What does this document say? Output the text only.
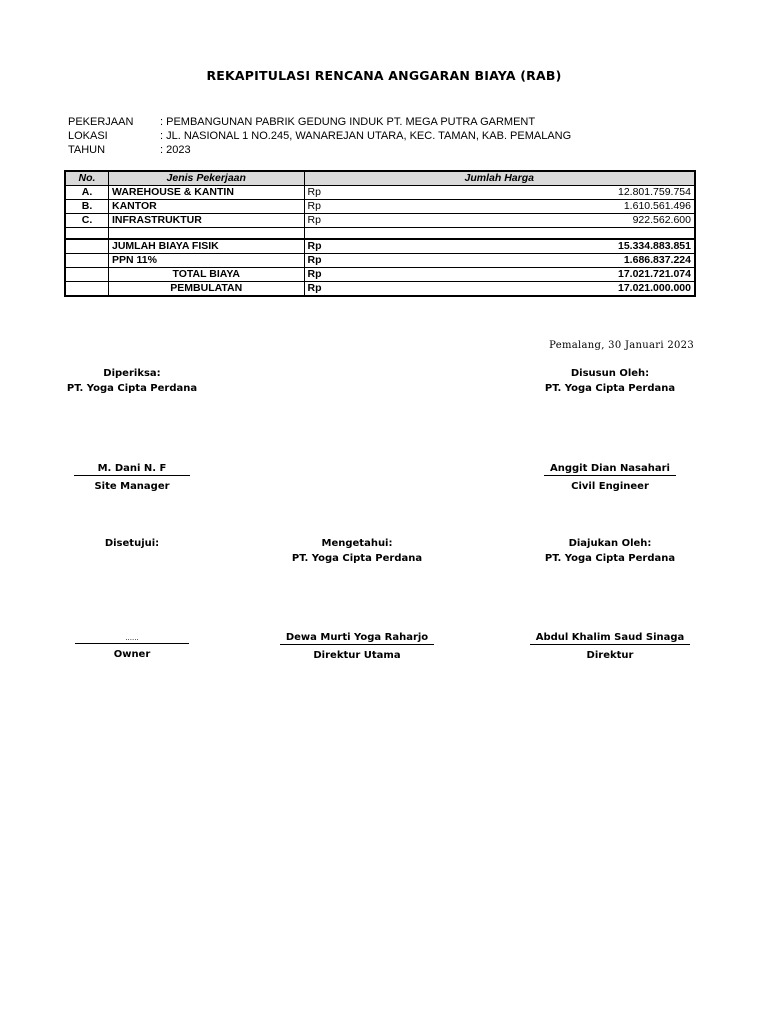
REKAPITULASI RENCANA ANGGARAN BIAYA (RAB)
PEKERJAAN : PEMBANGUNAN PABRIK GEDUNG INDUK PT. MEGA PUTRA GARMENT
LOKASI	: JL. NASIONAL 1 NO.245, WANAREJAN UTARA, KEC. TAMAN, KAB. PEMALANG
TAHUN	: 2023
No.	Jenis Pekerjaan	Jumlah Harga	
A.	WAREHOUSE & KANTIN	Rp	12.801.759.754
B.	KANTOR	Rp	1.610.561.496
C.	INFRASTRUKTUR	Rp	922.562.600

	JUMLAH BIAYA FISIK	Rp	15.334.883.851
	PPN 11%	Rp	1.686.837.224
	TOTAL BIAYA	Rp	17.021.721.074
	PEMBULATAN	Rp	17.021.000.000
Pemalang, 30 Januari 2023
Diperiksa:
PT. Yoga Cipta Perdana
M. Dani N. F
Site Manager
Disusun Oleh:
PT. Yoga Cipta Perdana
Anggit Dian Nasahari
Civil Engineer
Disetujui:
......
Owner
Mengetahui:
PT. Yoga Cipta Perdana
Dewa Murti Yoga Raharjo
Direktur Utama
Diajukan Oleh:
PT. Yoga Cipta Perdana
Abdul Khalim Saud Sinaga
Direktur
